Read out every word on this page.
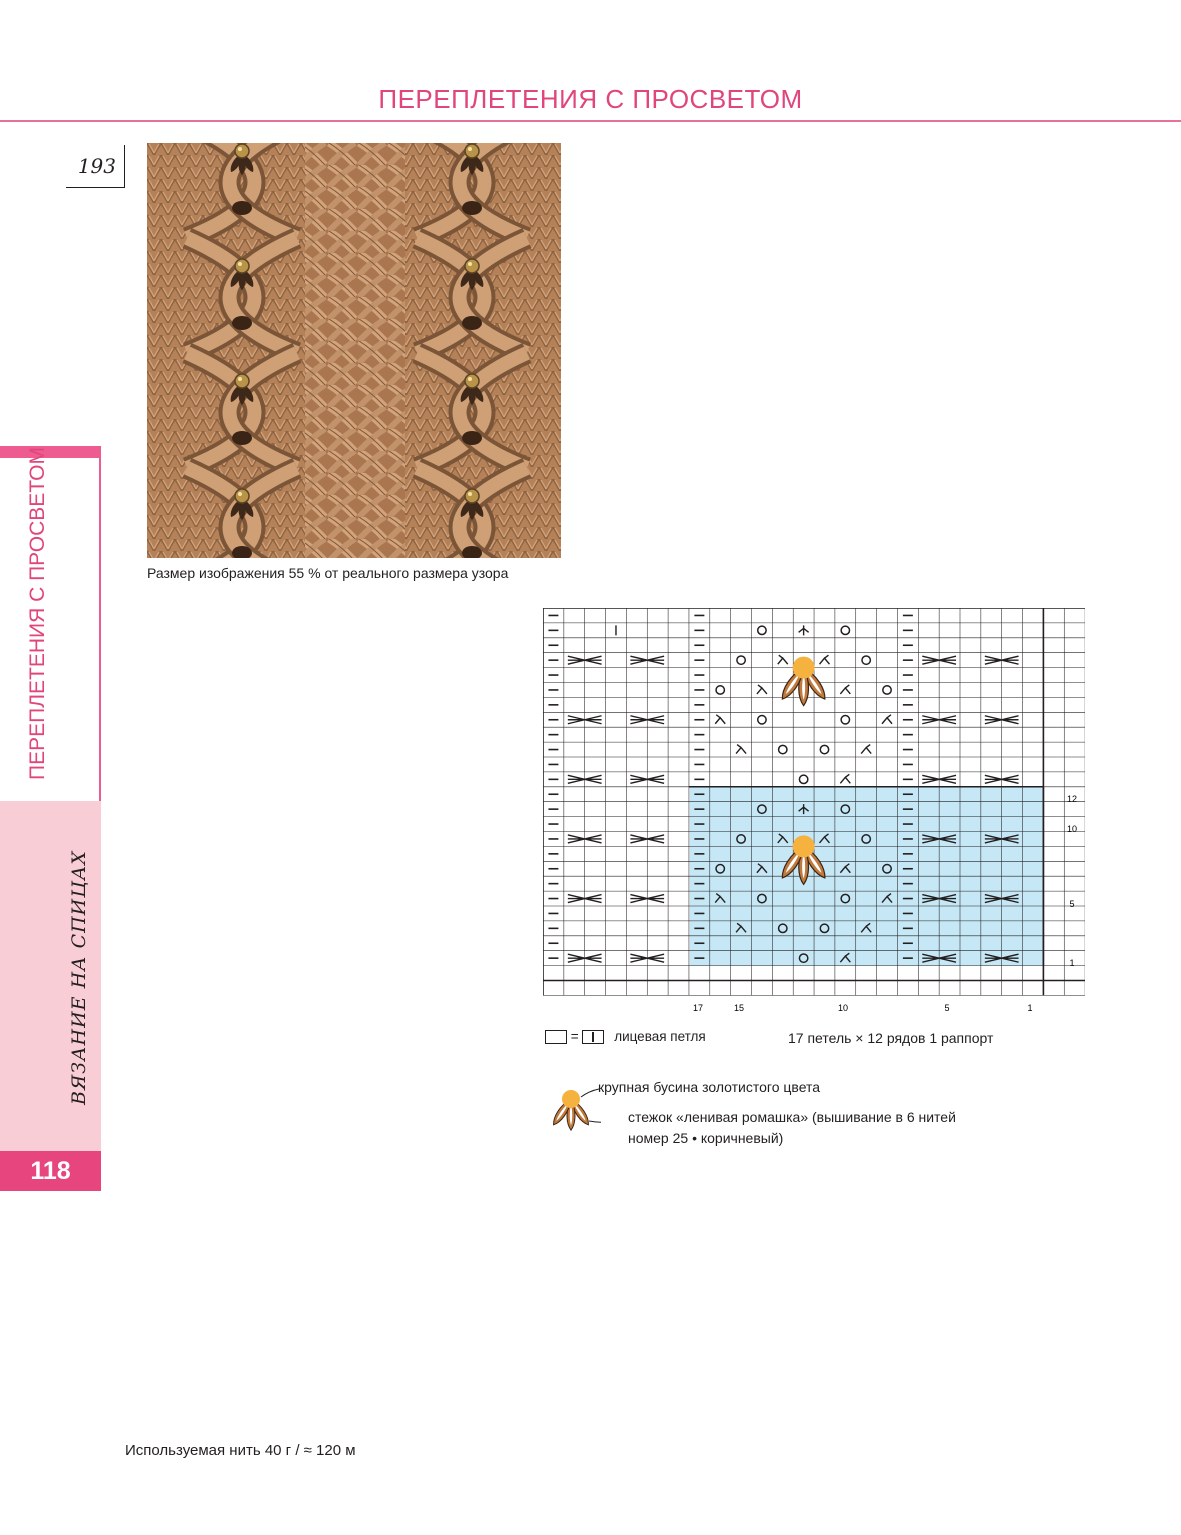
ПЕРЕПЛЕТЕНИЯ С ПРОСВЕТОМ
193
Размер изображения 55 % от реального размера узора
ПЕРЕПЛЕТЕНИЯ С ПРОСВЕТОМ
ВЯЗАНИЕ НА СПИЦАХ
118
12
10
5
1
17	15	10	5	1
=	лицевая петля	17 петель × 12 рядов 1 раппорт
крупная бусина золотистого цвета
стежок «ленивая ромашка» (вышивание в 6 нитей
номер 25 • коричневый)
Используемая нить 40 г / ≈ 120 м
